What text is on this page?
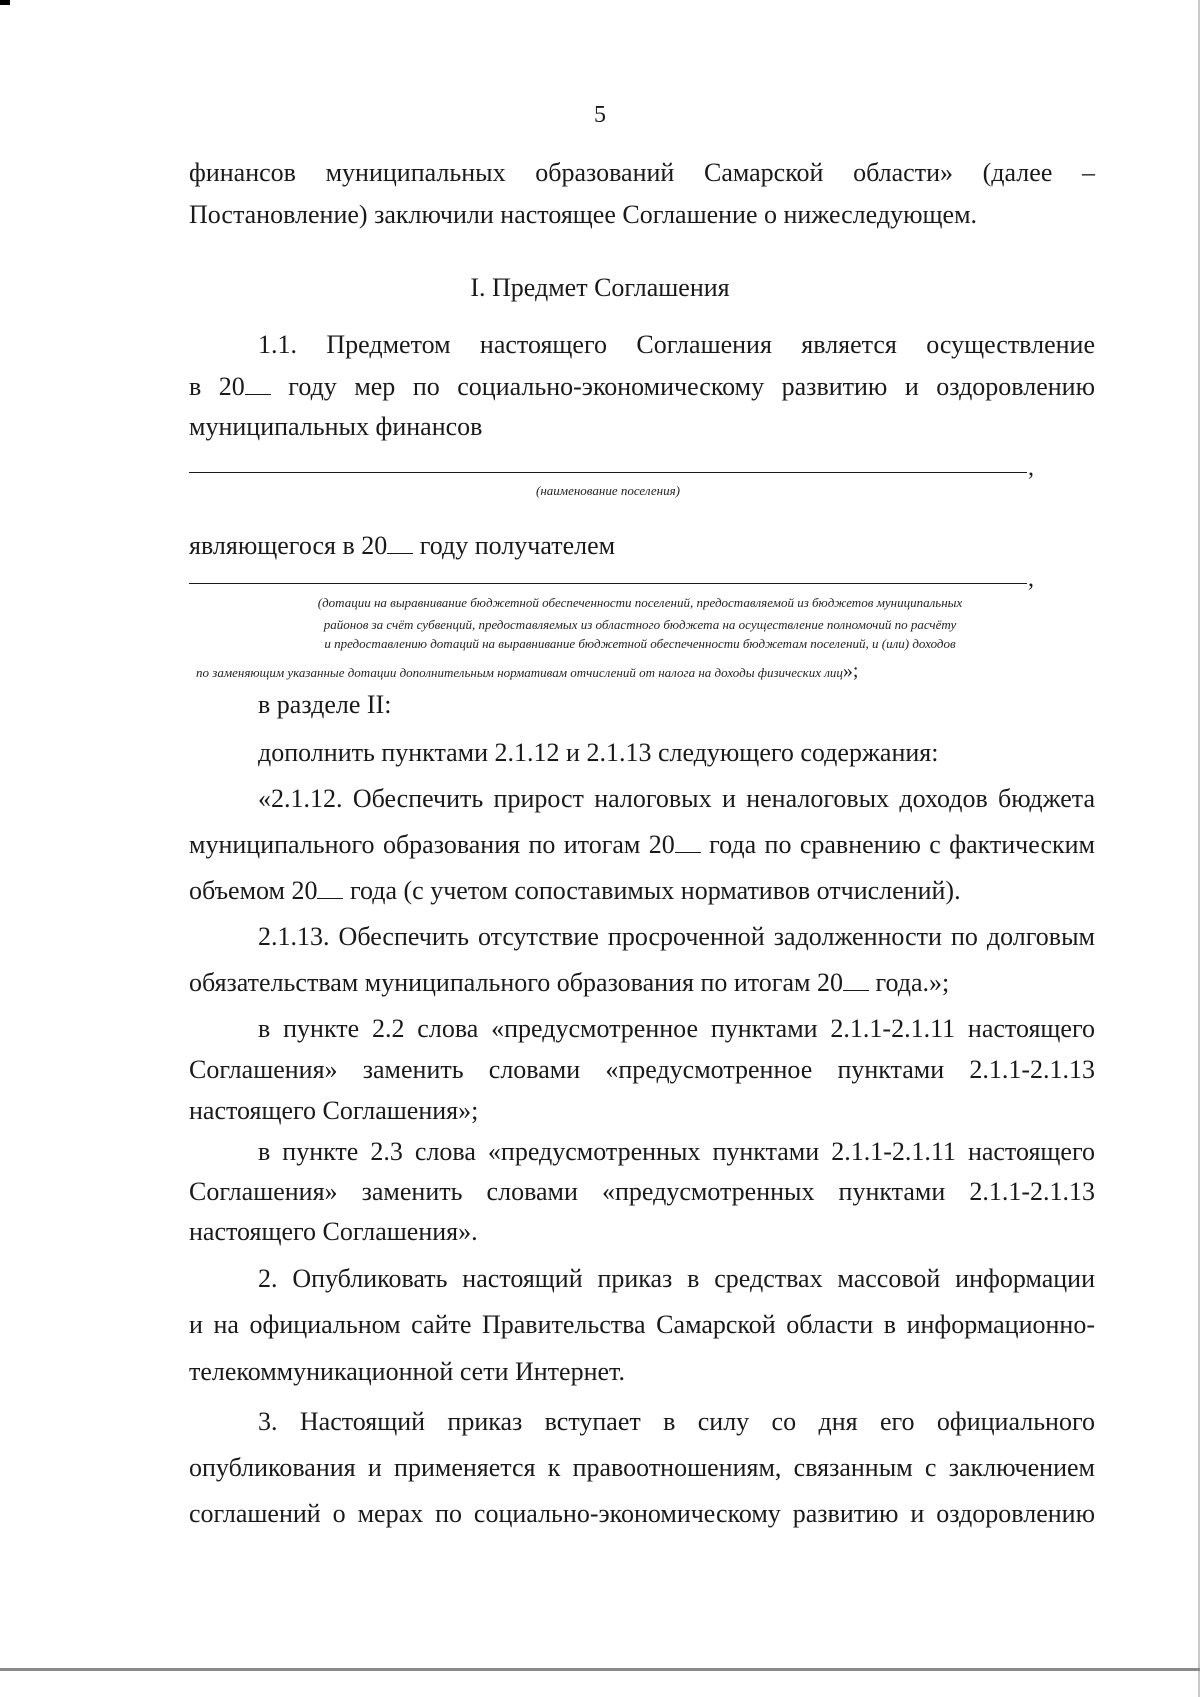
5
финансов муниципальных образований Самарской области» (далее –
Постановление) заключили настоящее Соглашение о нижеследующем.
I. Предмет Соглашения
1.1. Предметом настоящего Соглашения является осуществление
в 20 году мер по социально-экономическому развитию и оздоровлению
муниципальных финансов
,
(наименование поселения)
являющегося в 20 году получателем
,
(дотации на выравнивание бюджетной обеспеченности поселений, предоставляемой из бюджетов муниципальных
районов за счёт субвенций, предоставляемых из областного бюджета на осуществление полномочий по расчёту
и предоставлению дотаций на выравнивание бюджетной обеспеченности бюджетам поселений, и (или) доходов
по заменяющим указанные дотации дополнительным нормативам отчислений от налога на доходы физических лиц»;
в разделе II:
дополнить пунктами 2.1.12 и 2.1.13 следующего содержания:
«2.1.12. Обеспечить прирост налоговых и неналоговых доходов бюджета
муниципального образования по итогам 20 года по сравнению с фактическим
объемом 20 года (с учетом сопоставимых нормативов отчислений).
2.1.13. Обеспечить отсутствие просроченной задолженности по долговым
обязательствам муниципального образования по итогам 20 года.»;
в пункте 2.2 слова «предусмотренное пунктами 2.1.1-2.1.11 настоящего
Соглашения» заменить словами «предусмотренное пунктами 2.1.1-2.1.13
настоящего Соглашения»;
в пункте 2.3 слова «предусмотренных пунктами 2.1.1-2.1.11 настоящего
Соглашения» заменить словами «предусмотренных пунктами 2.1.1-2.1.13
настоящего Соглашения».
2. Опубликовать настоящий приказ в средствах массовой информации
и на официальном сайте Правительства Самарской области в информационно-
телекоммуникационной сети Интернет.
3. Настоящий приказ вступает в силу со дня его официального
опубликования и применяется к правоотношениям, связанным с заключением
соглашений о мерах по социально-экономическому развитию и оздоровлению
